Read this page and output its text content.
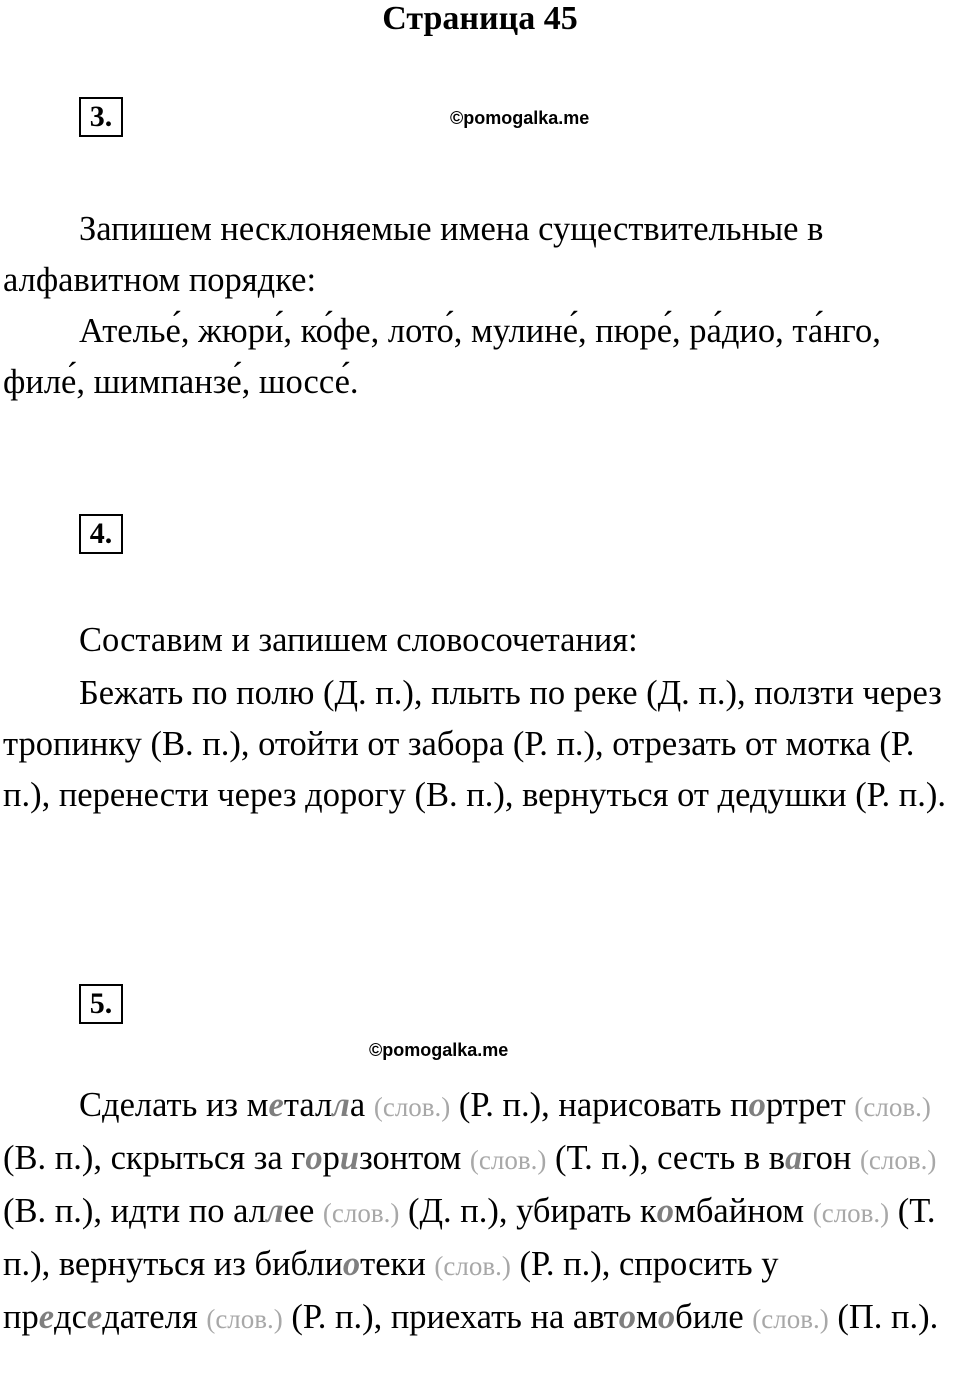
Страница 45
3.	©pomogalka.me

Запишем несклоняемые имена существительные в алфавитном порядке:

Ателье́, жюри́, ко́фе, лото́, мулине́, пюре́, ра́дио, та́нго, филе́, шимпанзе́, шоссе́.

4.

Составим и запишем словосочетания:

Бежать по полю (Д. п.), плыть по реке (Д. п.), ползти через тропинку (В. п.), отойти от забора (Р. п.), отрезать от мотка (Р. п.), перенести через дорогу (В. п.), вернуться от дедушки (Р. п.).

5.
©pomogalka.me

Сделать из металла (слов.) (Р. п.), нарисовать портрет (слов.) (В. п.), скрыться за горизонтом (слов.) (Т. п.), сесть в вагон (слов.) (В. п.), идти по аллее (слов.) (Д. п.), убирать комбайном (слов.) (Т. п.), вернуться из библиотеки (слов.) (Р. п.), спросить у председателя (слов.) (Р. п.), приехать на автомобиле (слов.) (П. п.).
